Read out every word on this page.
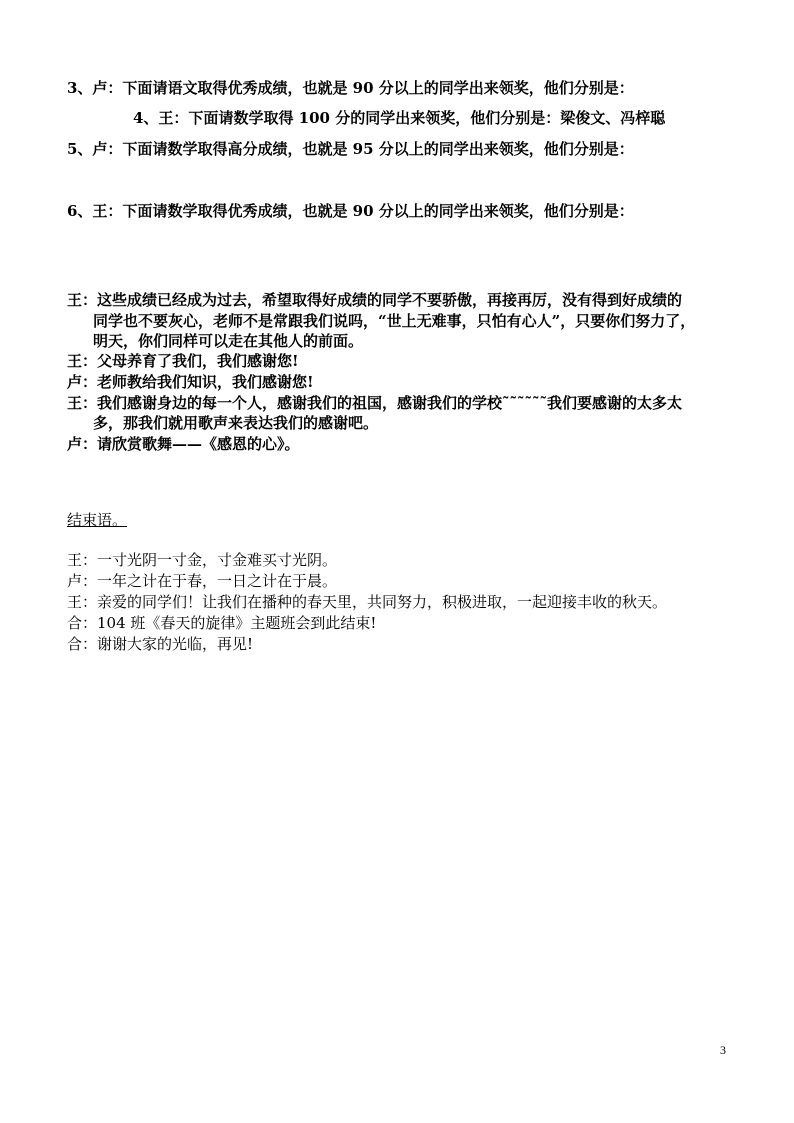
3、卢：下面请语文取得优秀成绩，也就是 90 分以上的同学出来领奖，他们分别是：
4、王：下面请数学取得 100 分的同学出来领奖，他们分别是：梁俊文、冯梓聪
5、卢：下面请数学取得高分成绩，也就是 95 分以上的同学出来领奖，他们分别是：
6、王：下面请数学取得优秀成绩，也就是 90 分以上的同学出来领奖，他们分别是：
王：这些成绩已经成为过去，希望取得好成绩的同学不要骄傲，再接再厉，没有得到好成绩的
同学也不要灰心，老师不是常跟我们说吗，“世上无难事，只怕有心人”，只要你们努力了，
明天，你们同样可以走在其他人的前面。
王：父母养育了我们，我们感谢您!
卢：老师教给我们知识，我们感谢您!
王：我们感谢身边的每一个人，感谢我们的祖国，感谢我们的学校˜˜˜˜˜˜我们要感谢的太多太
多，那我们就用歌声来表达我们的感谢吧。
卢：请欣赏歌舞——《感恩的心》。
结束语。
王：一寸光阴一寸金，寸金难买寸光阴。
卢：一年之计在于春，一日之计在于晨。
王：亲爱的同学们！让我们在播种的春天里，共同努力，积极进取，一起迎接丰收的秋天。
合：104 班《春天的旋律》主题班会到此结束!
合：谢谢大家的光临，再见!
3
